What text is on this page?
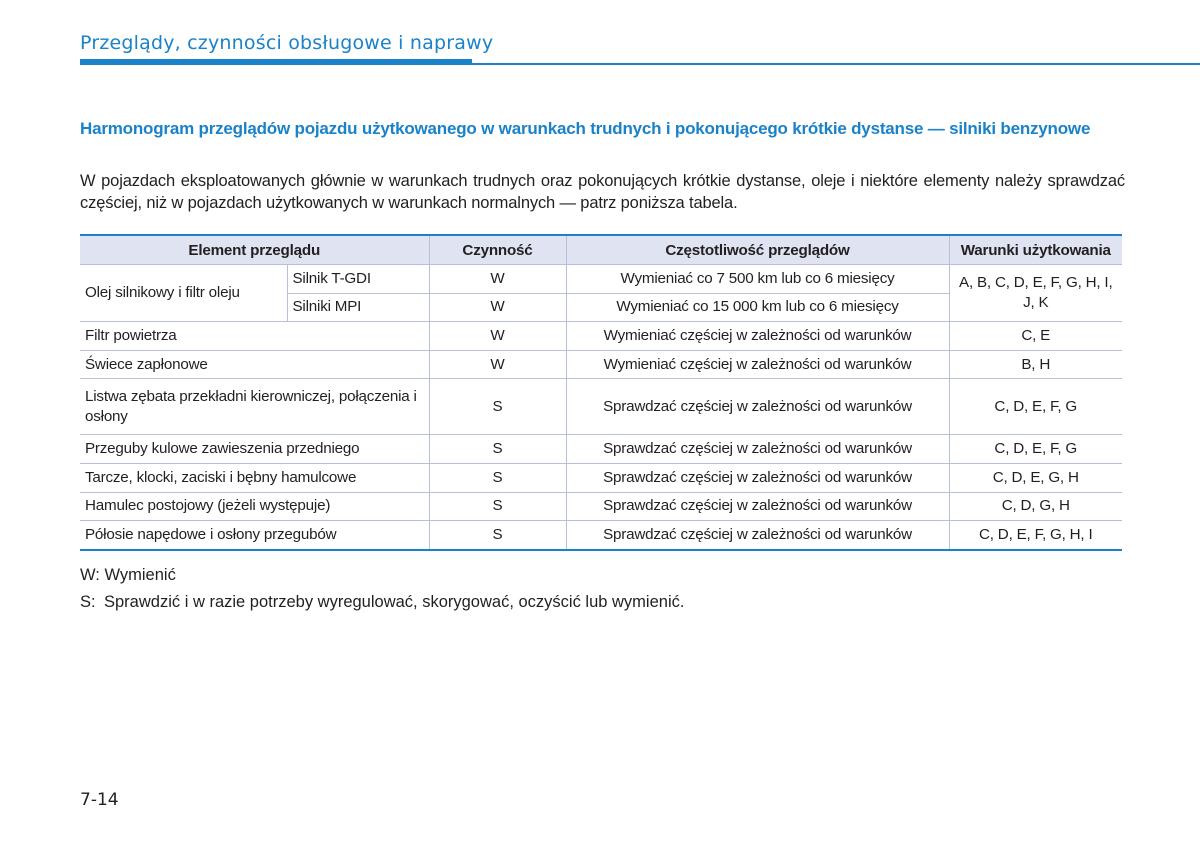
Przeglądy, czynności obsługowe i naprawy
Harmonogram przeglądów pojazdu użytkowanego w warunkach trudnych i pokonującego krótkie dystanse — silniki benzynowe
W pojazdach eksploatowanych głównie w warunkach trudnych oraz pokonujących krótkie dystanse, oleje i niektóre elementy należy sprawdzać częściej, niż w pojazdach użytkowanych w warunkach normalnych — patrz poniższa tabela.
Element przeglądu		Czynność	Częstotliwość przeglądów	Warunki użytkowania
Olej silnikowy i filtr oleju	Silnik T-GDI	W	Wymieniać co 7 500 km lub co 6 miesięcy	A, B, C, D, E, F, G, H, I, J, K
	Silniki MPI	W	Wymieniać co 15 000 km lub co 6 miesięcy	
Filtr powietrza		W	Wymieniać częściej w zależności od warunków	C, E
Świece zapłonowe		W	Wymieniać częściej w zależności od warunków	B, H
Listwa zębata przekładni kierowniczej, połączenia i osłony		S	Sprawdzać częściej w zależności od warunków	C, D, E, F, G
Przeguby kulowe zawieszenia przedniego		S	Sprawdzać częściej w zależności od warunków	C, D, E, F, G
Tarcze, klocki, zaciski i bębny hamulcowe		S	Sprawdzać częściej w zależności od warunków	C, D, E, G, H
Hamulec postojowy (jeżeli występuje)		S	Sprawdzać częściej w zależności od warunków	C, D, G, H
Półosie napędowe i osłony przegubów		S	Sprawdzać częściej w zależności od warunków	C, D, E, F, G, H, I
W: Wymienić
S: Sprawdzić i w razie potrzeby wyregulować, skorygować, oczyścić lub wymienić.
7-14
